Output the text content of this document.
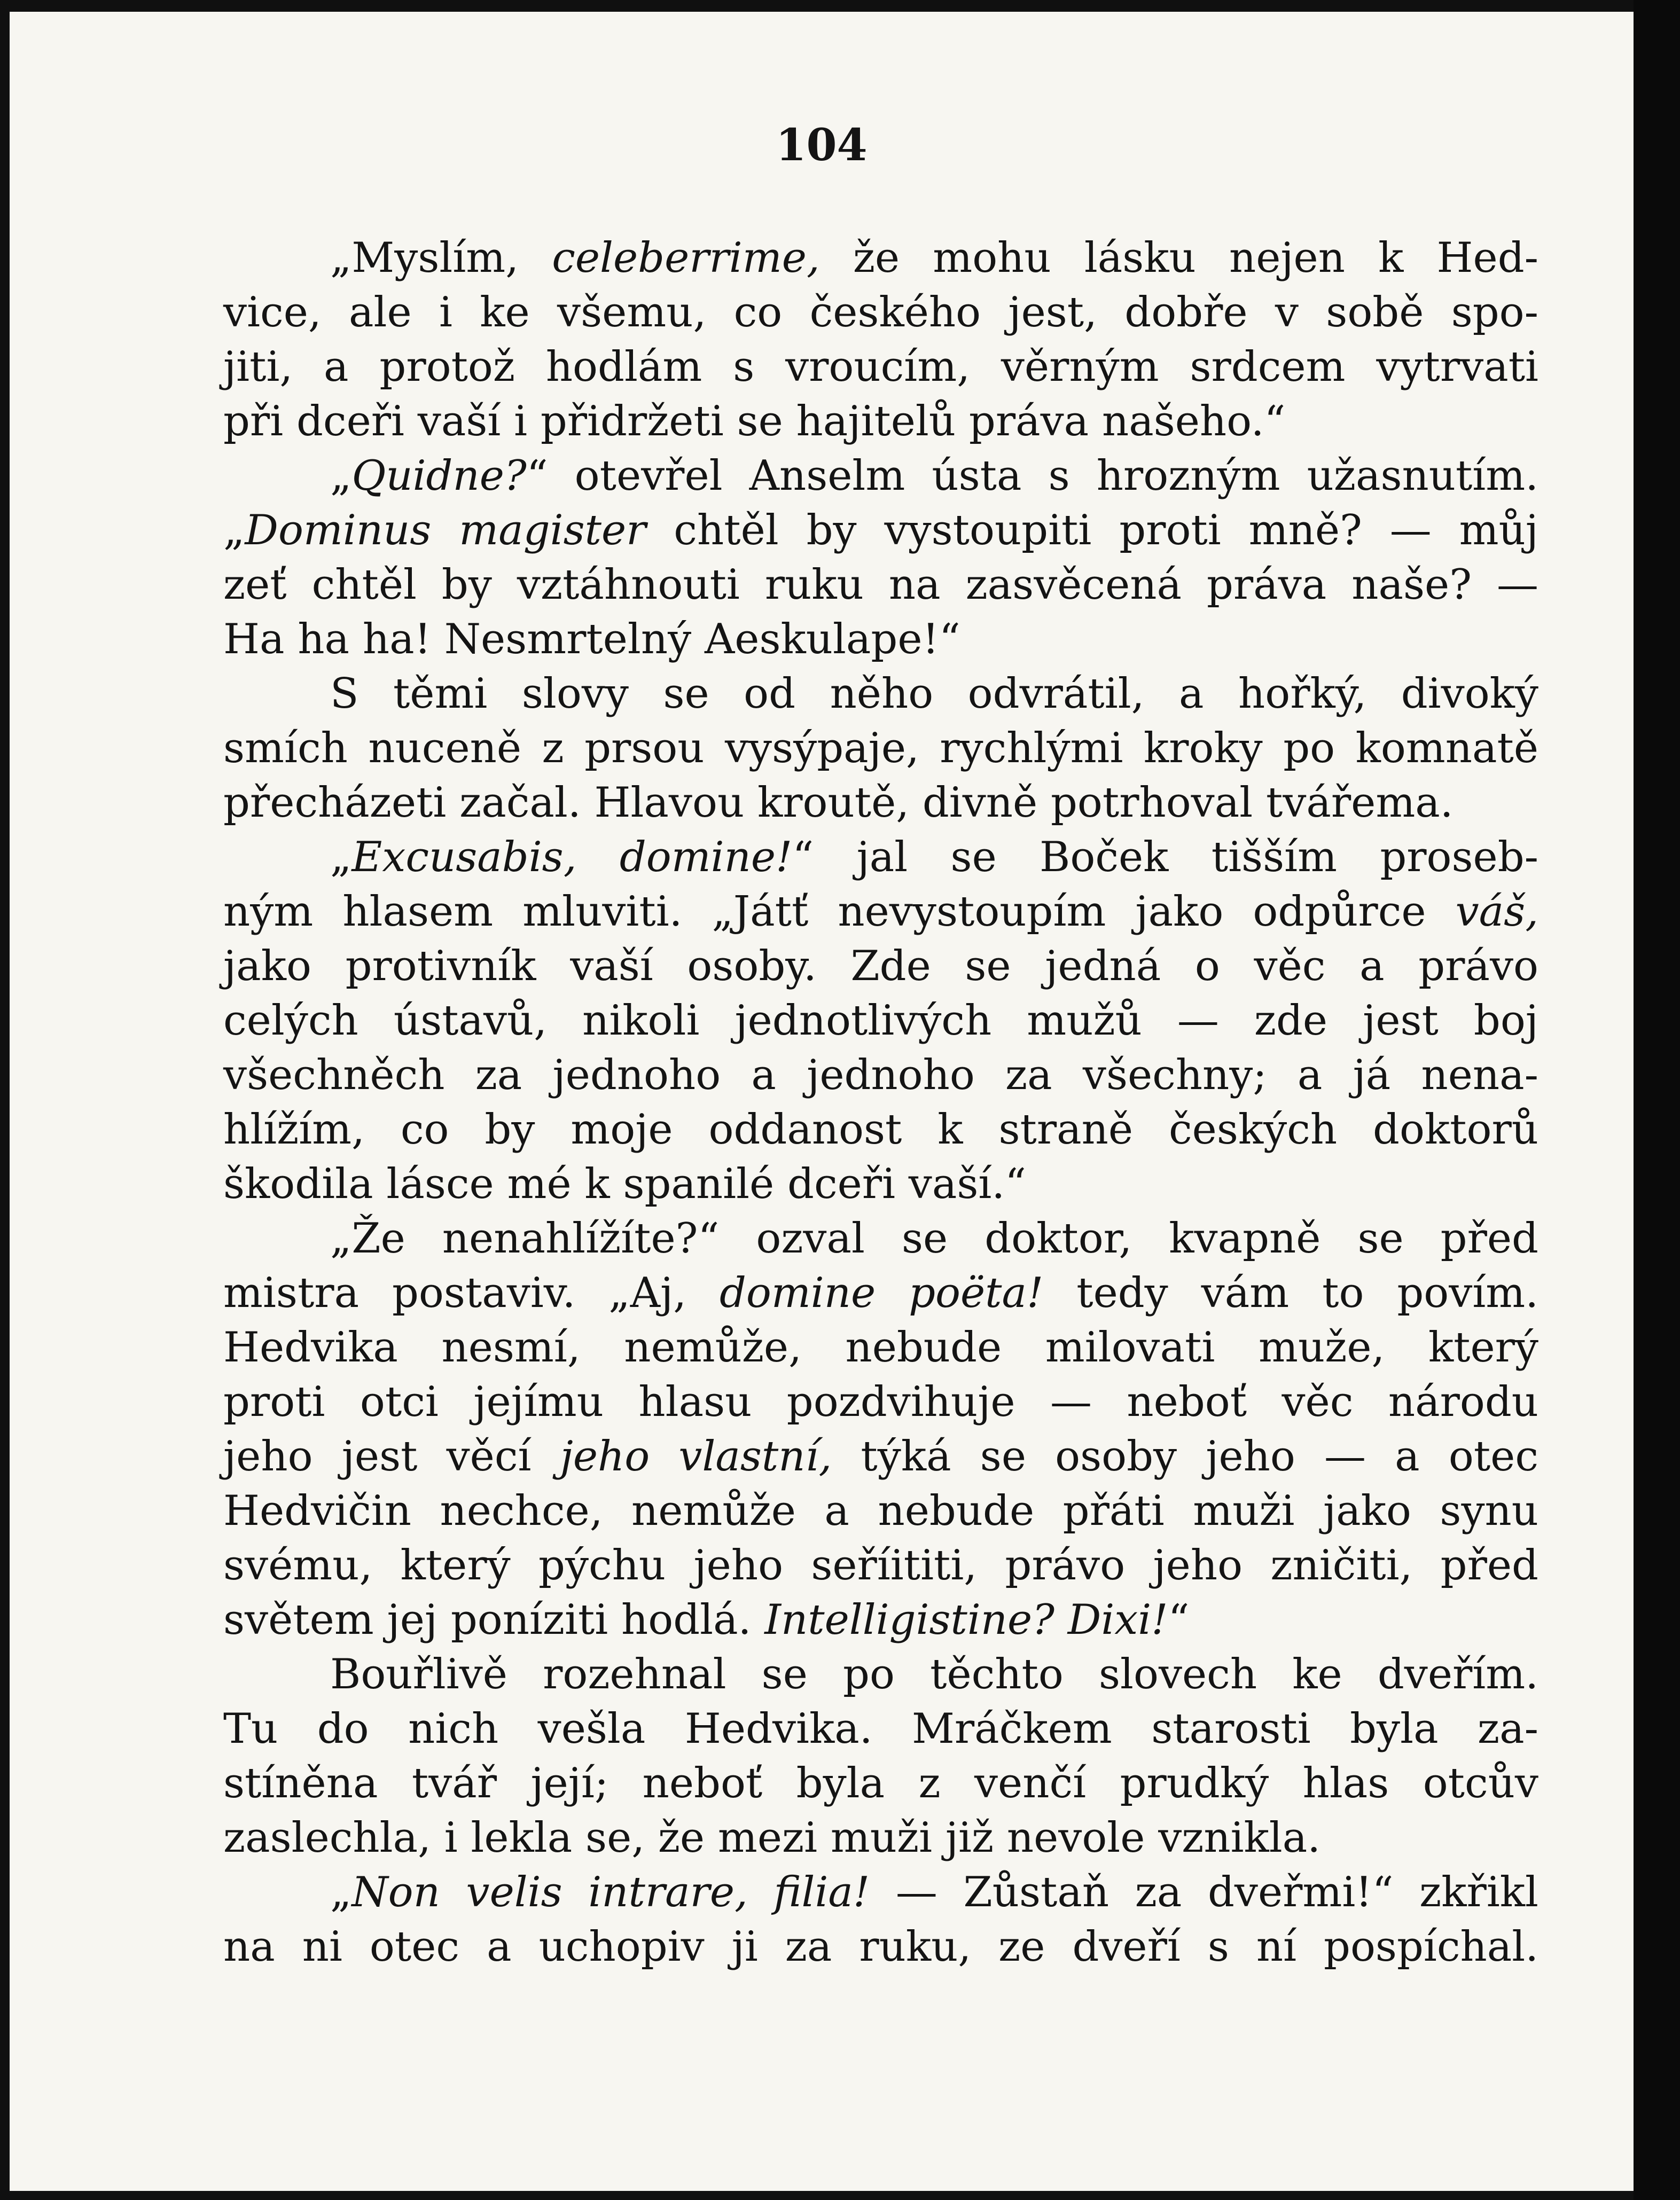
104
„Myslím, celeberrime, že mohu lásku nejen k Hed-
vice, ale i ke všemu, co českého jest, dobře v sobě spo-
jiti, a protož hodlám s vroucím, věrným srdcem vytrvati
při dceři vaší i přidržeti se hajitelů práva našeho.“
„Quidne?“ otevřel Anselm ústa s hrozným užasnutím.
„Dominus magister chtěl by vystoupiti proti mně? — můj
zeť chtěl by vztáhnouti ruku na zasvěcená práva naše? —
Ha ha ha! Nesmrtelný Aeskulape!“
S těmi slovy se od něho odvrátil, a hořký, divoký
smích nuceně z prsou vysýpaje, rychlými kroky po komnatě
přecházeti začal. Hlavou kroutě, divně potrhoval tvářema.
„Excusabis, domine!“ jal se Boček tišším proseb-
ným hlasem mluviti. „Játť nevystoupím jako odpůrce váš,
jako protivník vaší osoby. Zde se jedná o věc a právo
celých ústavů, nikoli jednotlivých mužů — zde jest boj
všechněch za jednoho a jednoho za všechny; a já nena-
hlížím, co by moje oddanost k straně českých doktorů
škodila lásce mé k spanilé dceři vaší.“
„Že nenahlížíte?“ ozval se doktor, kvapně se před
mistra postaviv. „Aj, domine poëta! tedy vám to povím.
Hedvika nesmí, nemůže, nebude milovati muže, který
proti otci jejímu hlasu pozdvihuje — neboť věc národu
jeho jest věcí jeho vlastní, týká se osoby jeho — a otec
Hedvičin nechce, nemůže a nebude přáti muži jako synu
svému, který pýchu jeho seříititi, právo jeho zničiti, před
světem jej poníziti hodlá. Intelligistine? Dixi!“
Bouřlivě rozehnal se po těchto slovech ke dveřím.
Tu do nich vešla Hedvika. Mráčkem starosti byla za-
stíněna tvář její; neboť byla z venčí prudký hlas otcův
zaslechla, i lekla se, že mezi muži již nevole vznikla.
„Non velis intrare, filia! — Zůstaň za dveřmi!“ zkřikl
na ni otec a uchopiv ji za ruku, ze dveří s ní pospíchal.
